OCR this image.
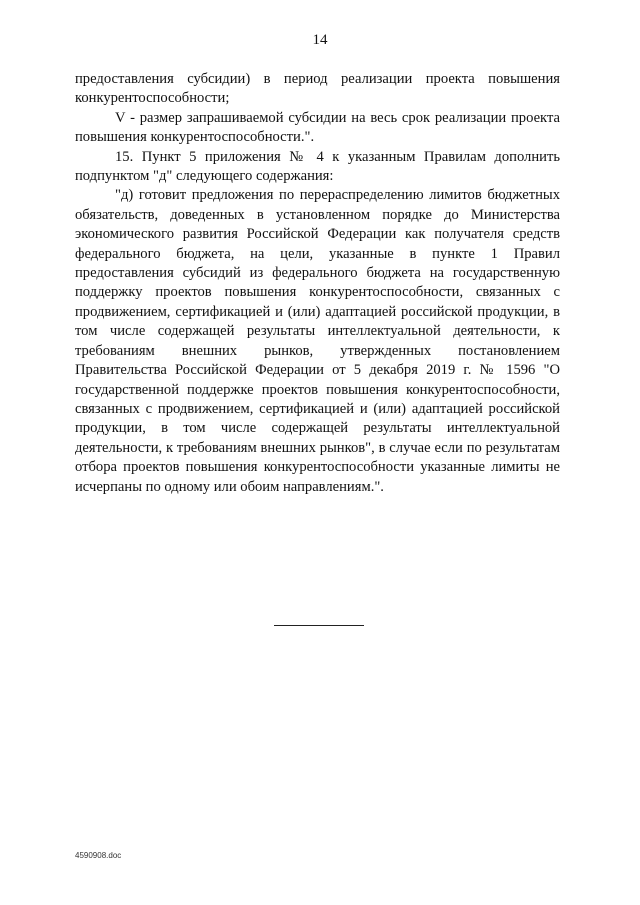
14

предоставления субсидии) в период реализации проекта повышения конкурентоспособности;

V - размер запрашиваемой субсидии на весь срок реализации проекта повышения конкурентоспособности.".

15. Пункт 5 приложения № 4 к указанным Правилам дополнить подпунктом "д" следующего содержания:

"д) готовит предложения по перераспределению лимитов бюджетных обязательств, доведенных в установленном порядке до Министерства экономического развития Российской Федерации как получателя средств федерального бюджета, на цели, указанные в пункте 1 Правил предоставления субсидий из федерального бюджета на государственную поддержку проектов повышения конкурентоспособности, связанных с продвижением, сертификацией и (или) адаптацией российской продукции, в том числе содержащей результаты интеллектуальной деятельности, к требованиям внешних рынков, утвержденных постановлением Правительства Российской Федерации от 5 декабря 2019 г. № 1596 "О государственной поддержке проектов повышения конкурентоспособности, связанных с продвижением, сертификацией и (или) адаптацией российской продукции, в том числе содержащей результаты интеллектуальной деятельности, к требованиям внешних рынков", в случае если по результатам отбора проектов повышения конкурентоспособности указанные лимиты не исчерпаны по одному или обоим направлениям.".

4590908.doc
